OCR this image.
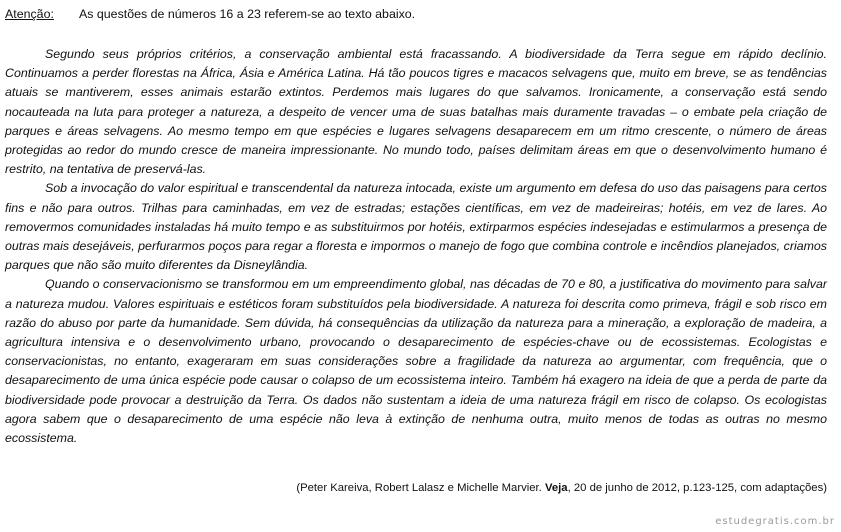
Atenção: As questões de números 16 a 23 referem-se ao texto abaixo.

Segundo seus próprios critérios, a conservação ambiental está fracassando. A biodiversidade da Terra segue em rápido declínio. Continuamos a perder florestas na África, Ásia e América Latina. Há tão poucos tigres e macacos selvagens que, muito em breve, se as tendências atuais se mantiverem, esses animais estarão extintos. Perdemos mais lugares do que salvamos. Ironicamente, a conservação está sendo nocauteada na luta para proteger a natureza, a despeito de vencer uma de suas batalhas mais duramente travadas – o embate pela criação de parques e áreas selvagens. Ao mesmo tempo em que espécies e lugares selvagens desaparecem em um ritmo crescente, o número de áreas protegidas ao redor do mundo cresce de maneira impressionante. No mundo todo, países delimitam áreas em que o desenvolvimento humano é restrito, na tentativa de preservá-las.

Sob a invocação do valor espiritual e transcendental da natureza intocada, existe um argumento em defesa do uso das paisagens para certos fins e não para outros. Trilhas para caminhadas, em vez de estradas; estações científicas, em vez de madeireiras; hotéis, em vez de lares. Ao removermos comunidades instaladas há muito tempo e as substituirmos por hotéis, extirparmos espécies indesejadas e estimularmos a presença de outras mais desejáveis, perfurarmos poços para regar a floresta e impormos o manejo de fogo que combina controle e incêndios planejados, criamos parques que não são muito diferentes da Disneylândia.

Quando o conservacionismo se transformou em um empreendimento global, nas décadas de 70 e 80, a justificativa do movimento para salvar a natureza mudou. Valores espirituais e estéticos foram substituídos pela biodiversidade. A natureza foi descrita como primeva, frágil e sob risco em razão do abuso por parte da humanidade. Sem dúvida, há consequências da utilização da natureza para a mineração, a exploração de madeira, a agricultura intensiva e o desenvolvimento urbano, provocando o desaparecimento de espécies-chave ou de ecossistemas. Ecologistas e conservacionistas, no entanto, exageraram em suas considerações sobre a fragilidade da natureza ao argumentar, com frequência, que o desaparecimento de uma única espécie pode causar o colapso de um ecossistema inteiro. Também há exagero na ideia de que a perda de parte da biodiversidade pode provocar a destruição da Terra. Os dados não sustentam a ideia de uma natureza frágil em risco de colapso. Os ecologistas agora sabem que o desaparecimento de uma espécie não leva à extinção de nenhuma outra, muito menos de todas as outras no mesmo ecossistema.

(Peter Kareiva, Robert Lalasz e Michelle Marvier. Veja, 20 de junho de 2012, p.123-125, com adaptações)
estudegratis.com.br
